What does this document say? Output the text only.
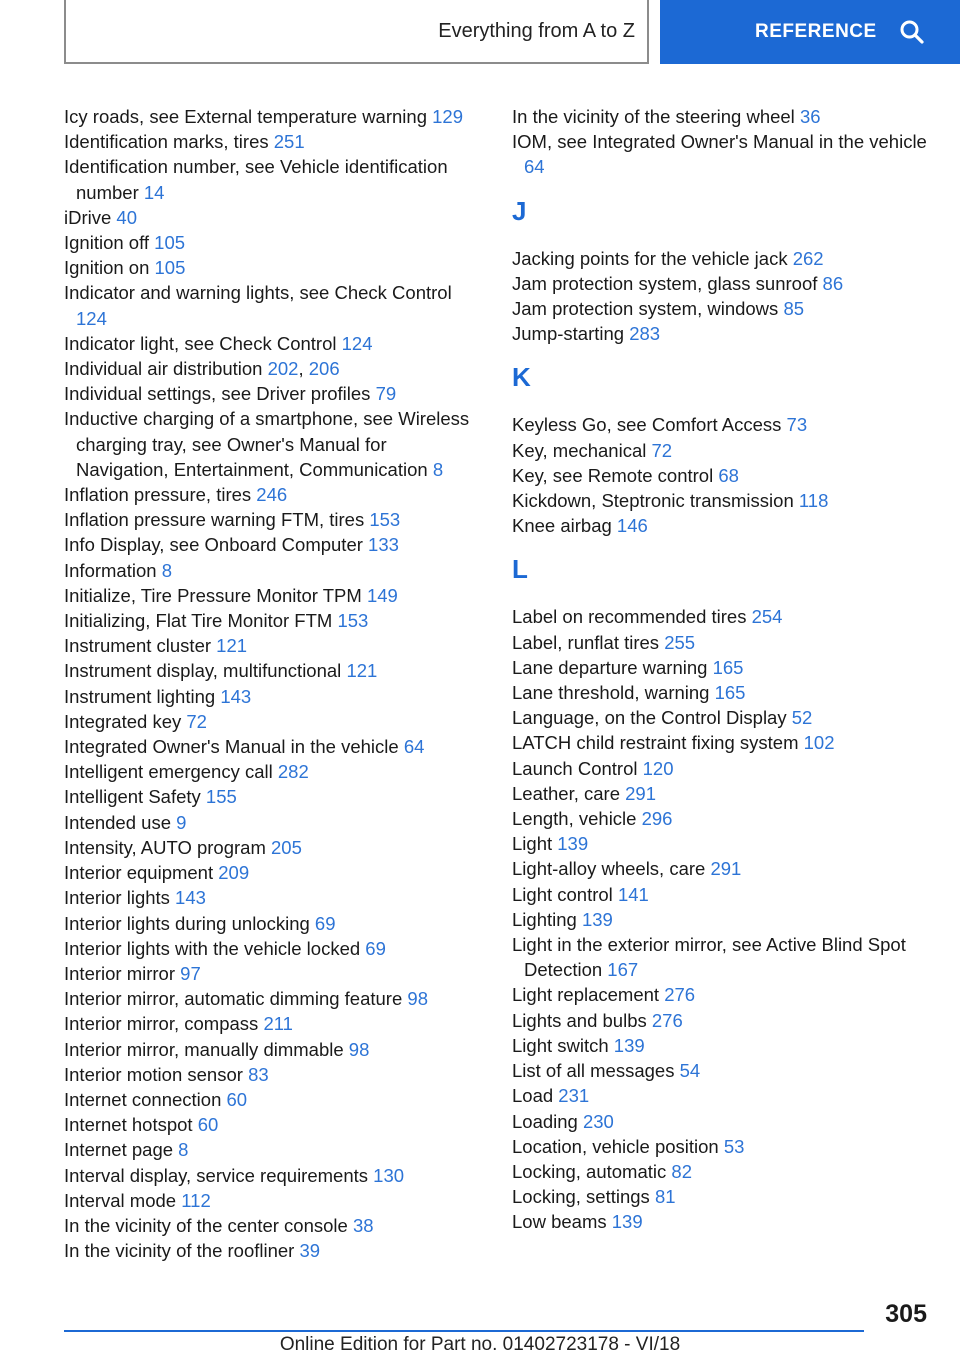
Everything from A to Z	REFERENCE
Icy roads, see External temperature warning 129
Identification marks, tires 251
Identification number, see Vehicle identification number 14
iDrive 40
Ignition off 105
Ignition on 105
Indicator and warning lights, see Check Control 124
Indicator light, see Check Control 124
Individual air distribution 202, 206
Individual settings, see Driver profiles 79
Inductive charging of a smartphone, see Wireless charging tray, see Owner's Manual for Navigation, Entertainment, Communication 8
Inflation pressure, tires 246
Inflation pressure warning FTM, tires 153
Info Display, see Onboard Computer 133
Information 8
Initialize, Tire Pressure Monitor TPM 149
Initializing, Flat Tire Monitor FTM 153
Instrument cluster 121
Instrument display, multifunctional 121
Instrument lighting 143
Integrated key 72
Integrated Owner's Manual in the vehicle 64
Intelligent emergency call 282
Intelligent Safety 155
Intended use 9
Intensity, AUTO program 205
Interior equipment 209
Interior lights 143
Interior lights during unlocking 69
Interior lights with the vehicle locked 69
Interior mirror 97
Interior mirror, automatic dimming feature 98
Interior mirror, compass 211
Interior mirror, manually dimmable 98
Interior motion sensor 83
Internet connection 60
Internet hotspot 60
Internet page 8
Interval display, service requirements 130
Interval mode 112
In the vicinity of the center console 38
In the vicinity of the roofliner 39
In the vicinity of the steering wheel 36
IOM, see Integrated Owner's Manual in the vehicle 64
J
Jacking points for the vehicle jack 262
Jam protection system, glass sunroof 86
Jam protection system, windows 85
Jump-starting 283
K
Keyless Go, see Comfort Access 73
Key, mechanical 72
Key, see Remote control 68
Kickdown, Steptronic transmission 118
Knee airbag 146
L
Label on recommended tires 254
Label, runflat tires 255
Lane departure warning 165
Lane threshold, warning 165
Language, on the Control Display 52
LATCH child restraint fixing system 102
Launch Control 120
Leather, care 291
Length, vehicle 296
Light 139
Light-alloy wheels, care 291
Light control 141
Lighting 139
Light in the exterior mirror, see Active Blind Spot Detection 167
Light replacement 276
Lights and bulbs 276
Light switch 139
List of all messages 54
Load 231
Loading 230
Location, vehicle position 53
Locking, automatic 82
Locking, settings 81
Low beams 139
305
Online Edition for Part no. 01402723178 - VI/18
